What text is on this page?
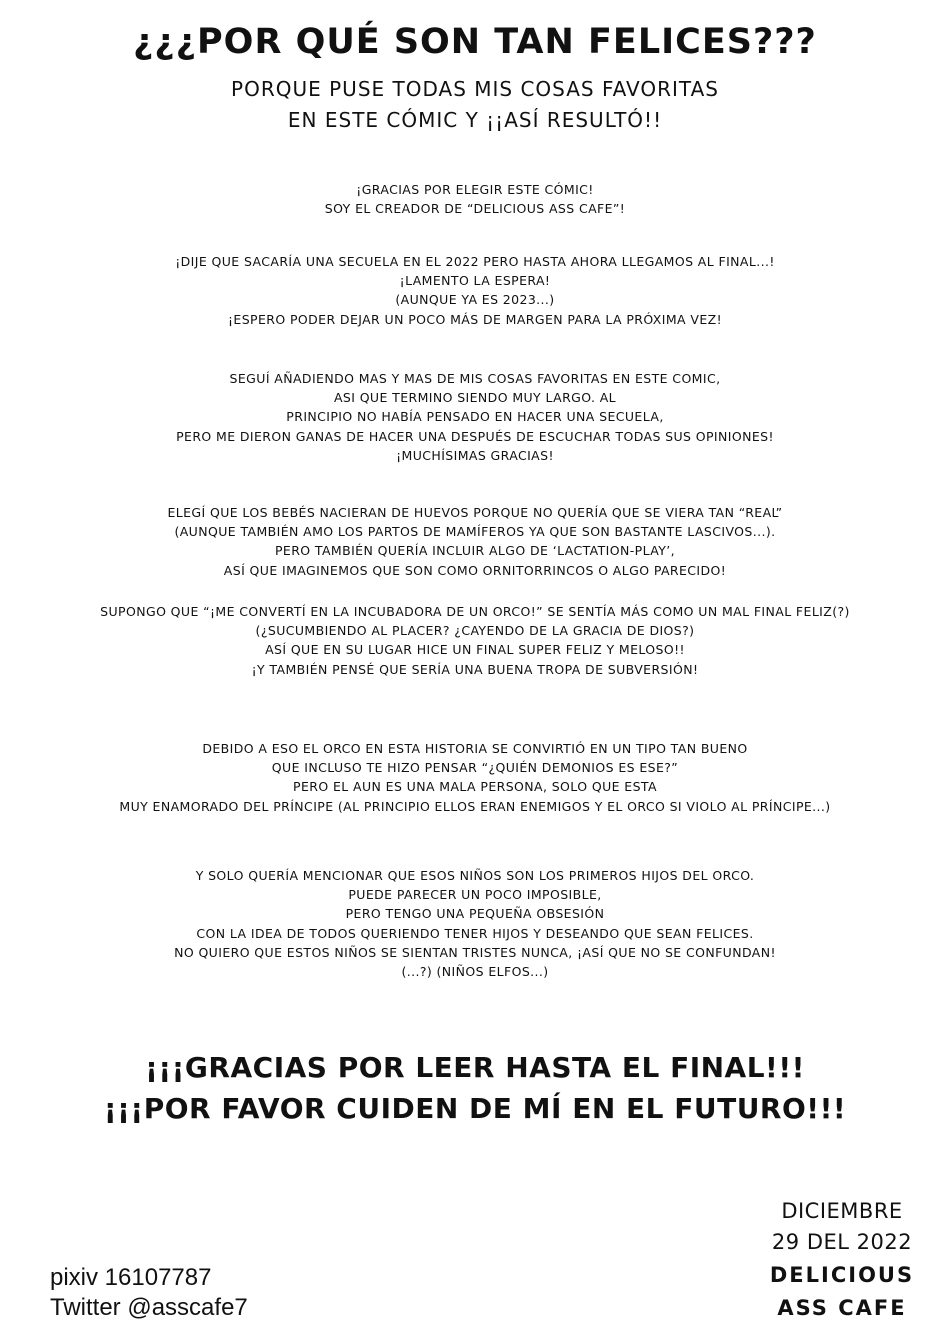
¿¿¿POR QUÉ SON TAN FELICES???
PORQUE PUSE TODAS MIS COSAS FAVORITAS
EN ESTE CÓMIC Y ¡¡ASÍ RESULTÓ!!
¡GRACIAS POR ELEGIR ESTE CÓMIC!
SOY EL CREADOR DE “DELICIOUS ASS CAFE”!
¡DIJE QUE SACARÍA UNA SECUELA EN EL 2022 PERO HASTA AHORA LLEGAMOS AL FINAL...!
¡LAMENTO LA ESPERA!
(AUNQUE YA ES 2023...)
¡ESPERO PODER DEJAR UN POCO MÁS DE MARGEN PARA LA PRÓXIMA VEZ!
SEGUÍ AÑADIENDO MAS Y MAS DE MIS COSAS FAVORITAS EN ESTE COMIC,
ASI QUE TERMINO SIENDO MUY LARGO. AL
PRINCIPIO NO HABÍA PENSADO EN HACER UNA SECUELA,
PERO ME DIERON GANAS DE HACER UNA DESPUÉS DE ESCUCHAR TODAS SUS OPINIONES!
¡MUCHÍSIMAS GRACIAS!
ELEGÍ QUE LOS BEBÉS NACIERAN DE HUEVOS PORQUE NO QUERÍA QUE SE VIERA TAN “REAL”
(AUNQUE TAMBIÉN AMO LOS PARTOS DE MAMÍFEROS YA QUE SON BASTANTE LASCIVOS...).
PERO TAMBIÉN QUERÍA INCLUIR ALGO DE ‘LACTATION-PLAY’,
ASÍ QUE IMAGINEMOS QUE SON COMO ORNITORRINCOS O ALGO PARECIDO!
SUPONGO QUE “¡ME CONVERTÍ EN LA INCUBADORA DE UN ORCO!” SE SENTÍA MÁS COMO UN MAL FINAL FELIZ(?)
(¿SUCUMBIENDO AL PLACER? ¿CAYENDO DE LA GRACIA DE DIOS?)
ASÍ QUE EN SU LUGAR HICE UN FINAL SUPER FELIZ Y MELOSO!!
¡Y TAMBIÉN PENSÉ QUE SERÍA UNA BUENA TROPA DE SUBVERSIÓN!
DEBIDO A ESO EL ORCO EN ESTA HISTORIA SE CONVIRTIÓ EN UN TIPO TAN BUENO
QUE INCLUSO TE HIZO PENSAR “¿QUIÉN DEMONIOS ES ESE?”
PERO EL AUN ES UNA MALA PERSONA, SOLO QUE ESTA
MUY ENAMORADO DEL PRÍNCIPE (AL PRINCIPIO ELLOS ERAN ENEMIGOS Y EL ORCO SI VIOLO AL PRÍNCIPE...)
Y SOLO QUERÍA MENCIONAR QUE ESOS NIÑOS SON LOS PRIMEROS HIJOS DEL ORCO.
PUEDE PARECER UN POCO IMPOSIBLE,
PERO TENGO UNA PEQUEÑA OBSESIÓN
CON LA IDEA DE TODOS QUERIENDO TENER HIJOS Y DESEANDO QUE SEAN FELICES.
NO QUIERO QUE ESTOS NIÑOS SE SIENTAN TRISTES NUNCA, ¡ASÍ QUE NO SE CONFUNDAN!
(...?) (NIÑOS ELFOS...)
¡¡¡GRACIAS POR LEER HASTA EL FINAL!!!
¡¡¡POR FAVOR CUIDEN DE MÍ EN EL FUTURO!!!
pixiv 16107787
Twitter @asscafe7
DICIEMBRE
29 DEL 2022
DELICIOUS
ASS CAFE
